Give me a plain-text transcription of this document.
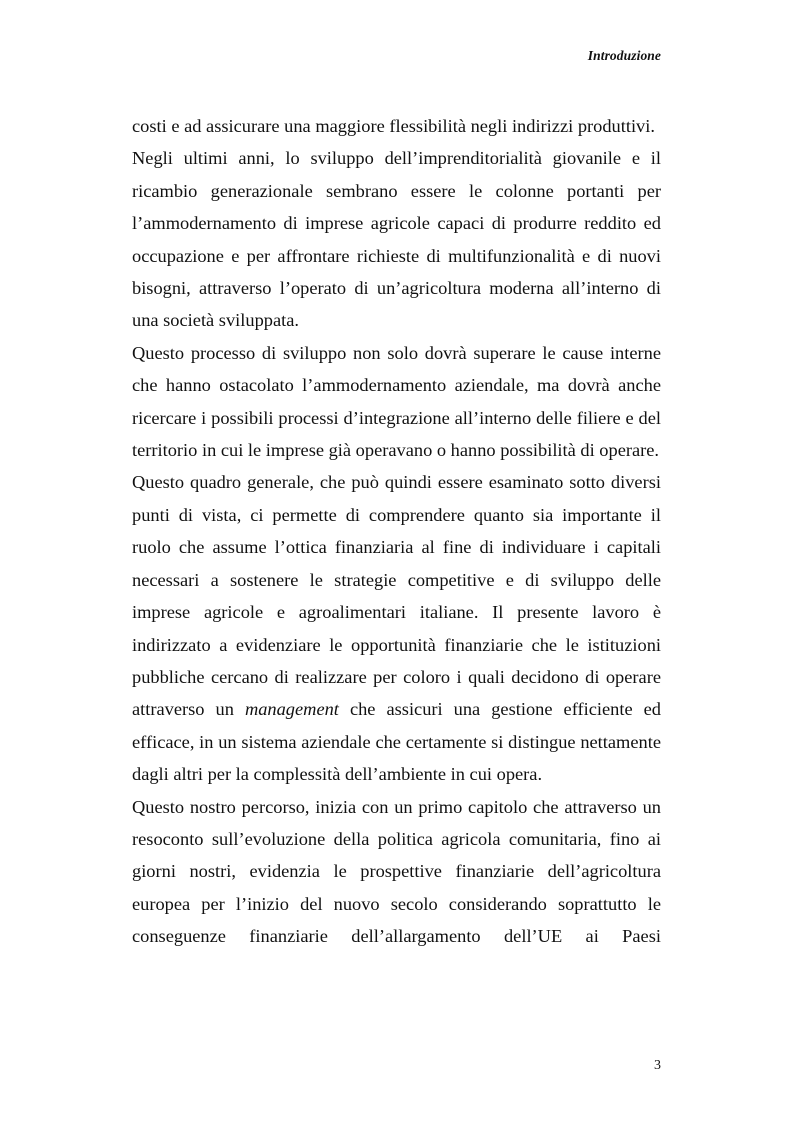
Introduzione

costi e ad assicurare una maggiore flessibilità negli indirizzi produttivi.

Negli ultimi anni, lo sviluppo dell’imprenditorialità giovanile e il ricambio generazionale sembrano essere le colonne portanti per l’ammodernamento di imprese agricole capaci di produrre reddito ed occupazione e per affrontare richieste di multifunzionalità e di nuovi bisogni, attraverso l’operato di un’agricoltura moderna all’interno di una società sviluppata.

Questo processo di sviluppo non solo dovrà superare le cause interne che hanno ostacolato l’ammodernamento aziendale, ma dovrà anche ricercare i possibili processi d’integrazione all’interno delle filiere e del territorio in cui le imprese già operavano o hanno possibilità di operare.

Questo quadro generale, che può quindi essere esaminato sotto diversi punti di vista, ci permette di comprendere quanto sia importante il ruolo che assume l’ottica finanziaria al fine di individuare i capitali necessari a sostenere le strategie competitive e di sviluppo delle imprese agricole e agroalimentari italiane. Il presente lavoro è indirizzato a evidenziare le opportunità finanziarie che le istituzioni pubbliche cercano di realizzare per coloro i quali decidono di operare attraverso un management che assicuri una gestione efficiente ed efficace, in un sistema aziendale che certamente si distingue nettamente dagli altri per la complessità dell’ambiente in cui opera.

Questo nostro percorso, inizia con un primo capitolo che attraverso un resoconto sull’evoluzione della politica agricola comunitaria, fino ai giorni nostri, evidenzia le prospettive finanziarie dell’agricoltura europea per l’inizio del nuovo secolo considerando soprattutto le conseguenze finanziarie dell’allargamento dell’UE ai Paesi

3
